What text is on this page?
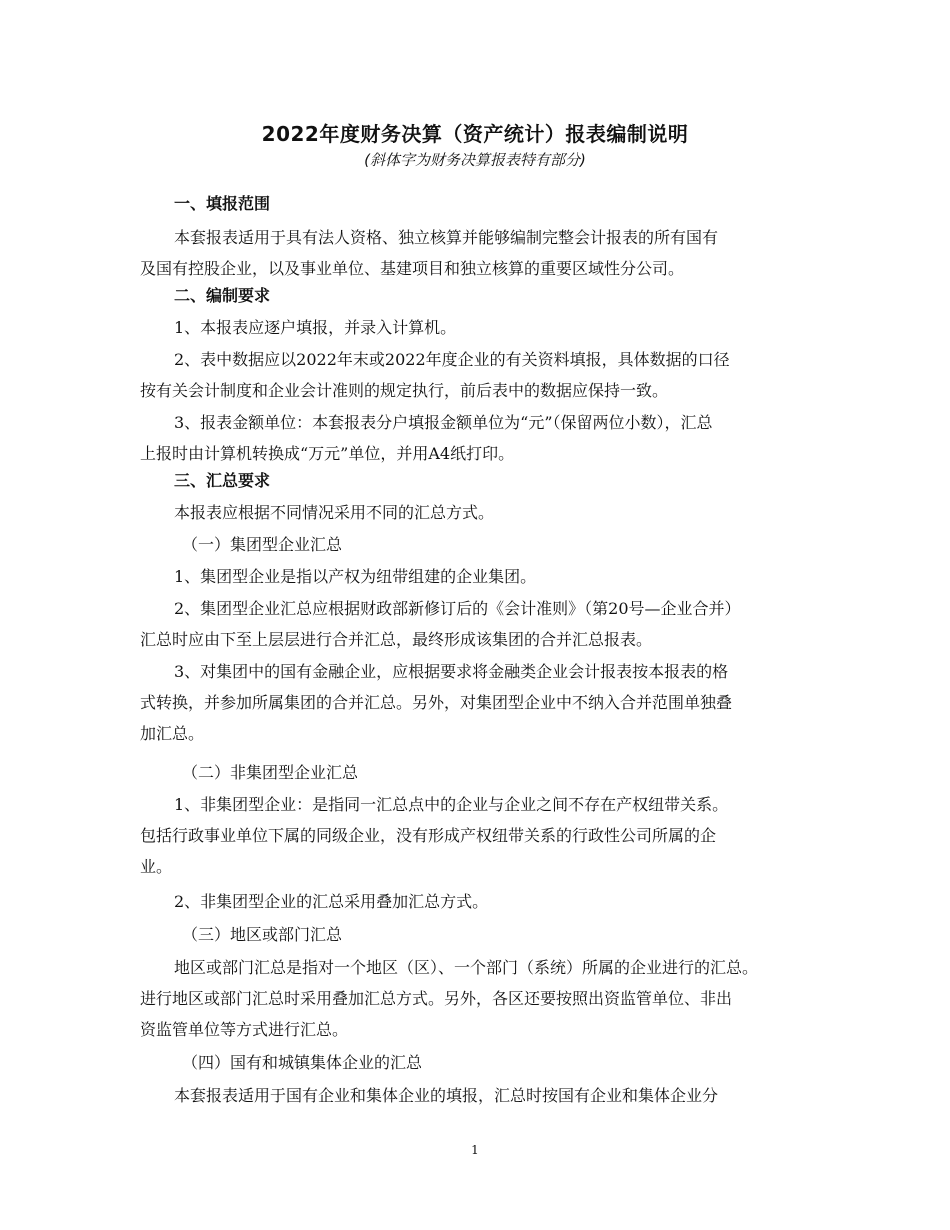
2022年度财务决算（资产统计）报表编制说明
(斜体字为财务决算报表特有部分)
一、填报范围
本套报表适用于具有法人资格、独立核算并能够编制完整会计报表的所有国有
及国有控股企业，以及事业单位、基建项目和独立核算的重要区域性分公司。
二、编制要求
1、本报表应逐户填报，并录入计算机。
2、表中数据应以2022年末或2022年度企业的有关资料填报，具体数据的口径
按有关会计制度和企业会计准则的规定执行，前后表中的数据应保持一致。
3、报表金额单位：本套报表分户填报金额单位为“元”（保留两位小数），汇总
上报时由计算机转换成“万元”单位，并用A4纸打印。
三、汇总要求
本报表应根据不同情况采用不同的汇总方式。
（一）集团型企业汇总
1、集团型企业是指以产权为纽带组建的企业集团。
2、集团型企业汇总应根据财政部新修订后的《会计准则》（第20号—企业合并）
汇总时应由下至上层层进行合并汇总，最终形成该集团的合并汇总报表。
3、对集团中的国有金融企业，应根据要求将金融类企业会计报表按本报表的格
式转换，并参加所属集团的合并汇总。另外，对集团型企业中不纳入合并范围单独叠
加汇总。
（二）非集团型企业汇总
1、非集团型企业：是指同一汇总点中的企业与企业之间不存在产权纽带关系。
包括行政事业单位下属的同级企业，没有形成产权纽带关系的行政性公司所属的企
业。
2、非集团型企业的汇总采用叠加汇总方式。
（三）地区或部门汇总
地区或部门汇总是指对一个地区（区）、一个部门（系统）所属的企业进行的汇总。
进行地区或部门汇总时采用叠加汇总方式。另外，各区还要按照出资监管单位、非出
资监管单位等方式进行汇总。
（四）国有和城镇集体企业的汇总
本套报表适用于国有企业和集体企业的填报，汇总时按国有企业和集体企业分
1
